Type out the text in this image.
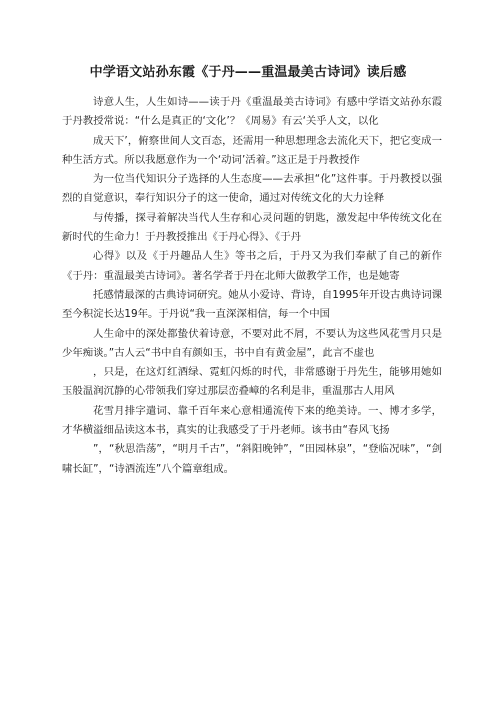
中学语文站孙东霞《于丹——重温最美古诗词》读后感

诗意人生，人生如诗——读于丹《重温最美古诗词》有感中学语文站孙东霞于丹教授常说：“什么是真正的‘文化’？《周易》有云‘关乎人文，以化

成天下’，俯察世间人文百态，还需用一种思想理念去流化天下，把它变成一种生活方式。所以我愿意作为一个‘动词’活着。”这正是于丹教授作

为一位当代知识分子选择的人生态度——去承担“化”这件事。于丹教授以强烈的自觉意识，奉行知识分子的这一使命，通过对传统文化的大力诠释

与传播，探寻着解决当代人生存和心灵问题的钥匙，激发起中华传统文化在新时代的生命力！于丹教授推出《于丹心得》、《于丹

心得》以及《于丹趣品人生》等书之后，于丹又为我们奉献了自己的新作《于丹：重温最美古诗词》。著名学者于丹在北师大做教学工作，也是她寄

托感情最深的古典诗词研究。她从小爱诗、背诗，自1995年开设古典诗词课至今积淀长达19年。于丹说“我一直深深相信，每一个中国

人生命中的深处都蛰伏着诗意，不要对此不屑，不要认为这些风花雪月只是少年痴谈。”古人云“书中自有颜如玉，书中自有黄金屋”，此言不虚也

，只是，在这灯红酒绿、霓虹闪烁的时代，非常感谢于丹先生，能够用她如玉般温润沉静的心带领我们穿过那层峦叠嶂的名利是非，重温那古人用风

花雪月排字遣词、靠千百年来心意相通流传下来的绝美诗。一、博才多学，才华横溢细品读这本书，真实的让我感受了于丹老师。该书由“春风飞扬

”，“秋思浩荡”，“明月千古”，“斜阳晚钟”，“田园林泉”，“登临况味”，“剑啸长缸”，“诗酒流连”八个篇章组成。
